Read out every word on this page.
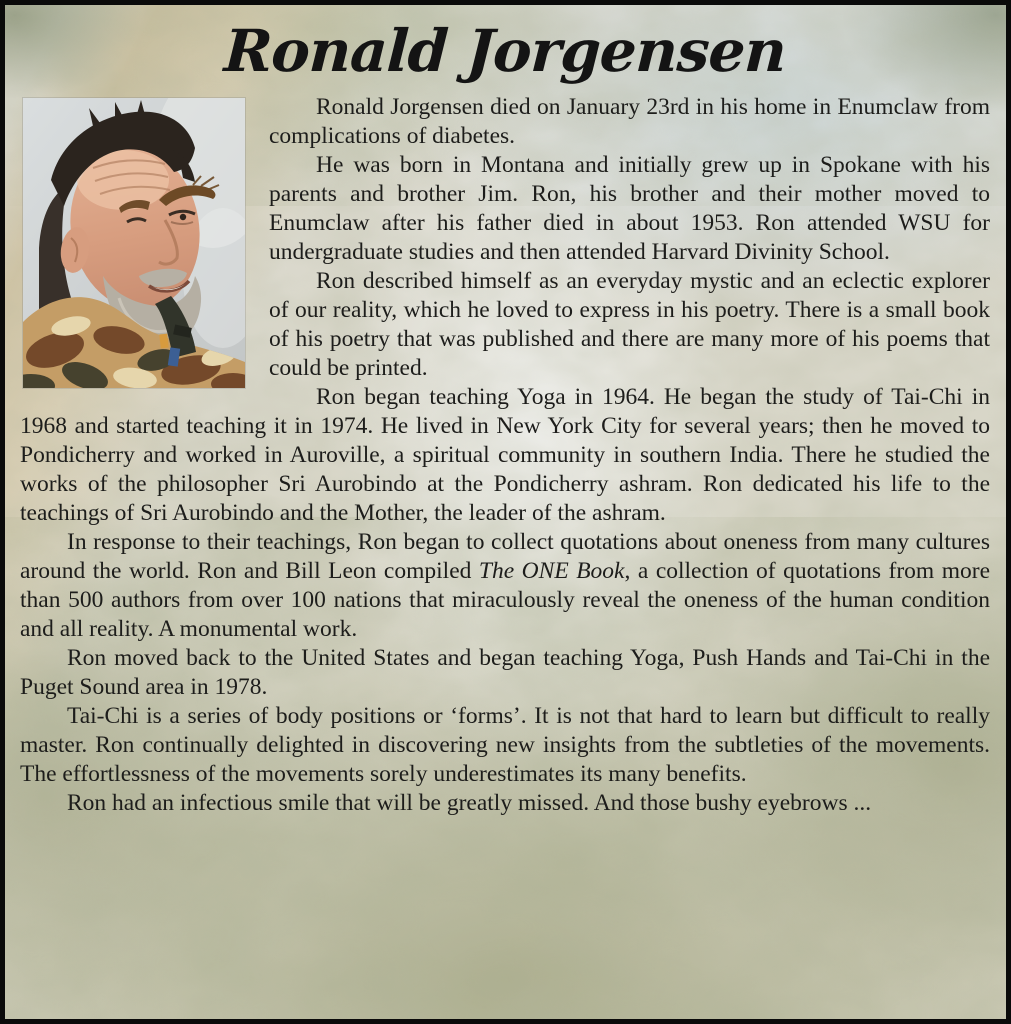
Ronald Jorgensen

Ronald Jorgensen died on January 23rd in his home in Enumclaw from complications of diabetes.

He was born in Montana and initially grew up in Spokane with his parents and brother Jim. Ron, his brother and their mother moved to Enumclaw after his father died in about 1953. Ron attended WSU for undergraduate studies and then attended Harvard Divinity School.

Ron described himself as an everyday mystic and an eclectic explorer of our reality, which he loved to express in his poetry. There is a small book of his poetry that was published and there are many more of his poems that could be printed.

Ron began teaching Yoga in 1964. He began the study of Tai-Chi in 1968 and started teaching it in 1974. He lived in New York City for several years; then he moved to Pondicherry and worked in Auroville, a spiritual community in southern India. There he studied the works of the philosopher Sri Aurobindo at the Pondicherry ashram. Ron dedicated his life to the teachings of Sri Aurobindo and the Mother, the leader of the ashram.

In response to their teachings, Ron began to collect quotations about oneness from many cultures around the world. Ron and Bill Leon compiled The ONE Book, a collection of quotations from more than 500 authors from over 100 nations that miraculously reveal the oneness of the human condition and all reality. A monumental work.

Ron moved back to the United States and began teaching Yoga, Push Hands and Tai-Chi in the Puget Sound area in 1978.

Tai-Chi is a series of body positions or ‘forms’. It is not that hard to learn but difficult to really master. Ron continually delighted in discovering new insights from the subtleties of the movements. The effortlessness of the movements sorely underestimates its many benefits.

Ron had an infectious smile that will be greatly missed. And those bushy eyebrows ...
